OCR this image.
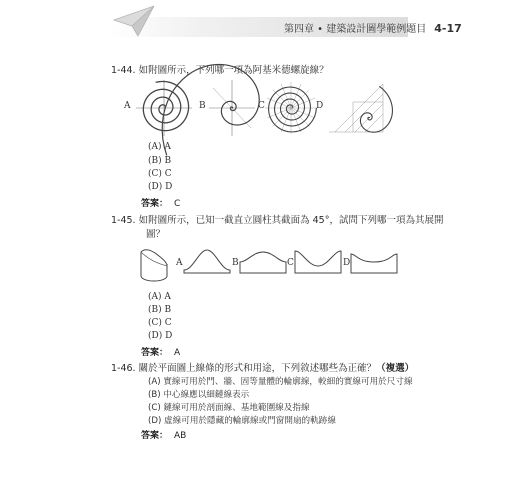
第四章 • 建築設計圖學範例題目 4-17
1-44. 如附圖所示，下列哪一項為阿基米德螺旋線？
A	B	C	D
(A) A
(B) B
(C) C
(D) D
答案： C
1-45. 如附圖所示，已知一截直立圓柱其截面為 45°，試問下列哪一項為其展開
圖？
A	B	C	D
(A) A
(B) B
(C) C
(D) D
答案： A
1-46. 關於平面圖上線條的形式和用途，下列敘述哪些為正確？（複選）
(A) 實線可用於門、牆、固等量體的輪廓線，較細的實線可用於尺寸線
(B) 中心線應以細鏈線表示
(C) 鏈線可用於剖面線、基地範圍線及指線
(D) 虛線可用於隱藏的輪廓線或門窗開扇的軌跡線
答案： AB
